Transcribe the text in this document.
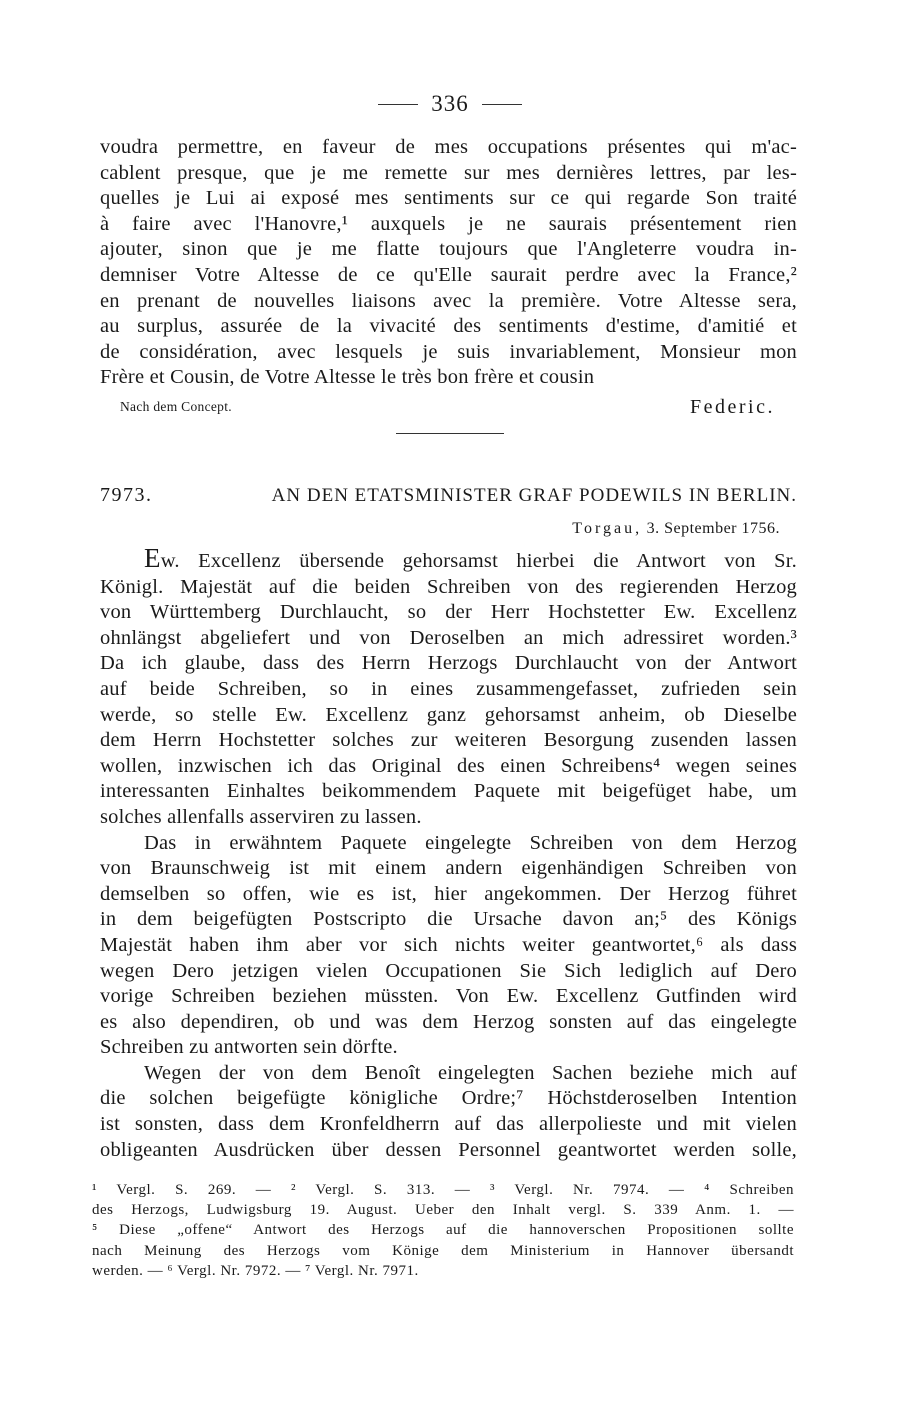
336
voudra permettre, en faveur de mes occupations présentes qui m'ac-
cablent presque, que je me remette sur mes dernières lettres, par les-
quelles je Lui ai exposé mes sentiments sur ce qui regarde Son traité
à faire avec l'Hanovre,¹ auxquels je ne saurais présentement rien
ajouter, sinon que je me flatte toujours que l'Angleterre voudra in-
demniser Votre Altesse de ce qu'Elle saurait perdre avec la France,²
en prenant de nouvelles liaisons avec la première. Votre Altesse sera,
au surplus, assurée de la vivacité des sentiments d'estime, d'amitié et
de considération, avec lesquels je suis invariablement, Monsieur mon
Frère et Cousin, de Votre Altesse le très bon frère et cousin
Nach dem Concept.	Federic.
7973.	AN DEN ETATSMINISTER GRAF PODEWILS IN BERLIN.
Torgau, 3. September 1756.
Ew. Excellenz übersende gehorsamst hierbei die Antwort von Sr.
Königl. Majestät auf die beiden Schreiben von des regierenden Herzog
von Württemberg Durchlaucht, so der Herr Hochstetter Ew. Excellenz
ohnlängst abgeliefert und von Deroselben an mich adressiret worden.³
Da ich glaube, dass des Herrn Herzogs Durchlaucht von der Antwort
auf beide Schreiben, so in eines zusammengefasset, zufrieden sein
werde, so stelle Ew. Excellenz ganz gehorsamst anheim, ob Dieselbe
dem Herrn Hochstetter solches zur weiteren Besorgung zusenden lassen
wollen, inzwischen ich das Original des einen Schreibens⁴ wegen seines
interessanten Einhaltes beikommendem Paquete mit beigefüget habe, um
solches allenfalls asserviren zu lassen.
Das in erwähntem Paquete eingelegte Schreiben von dem Herzog
von Braunschweig ist mit einem andern eigenhändigen Schreiben von
demselben so offen, wie es ist, hier angekommen. Der Herzog führet
in dem beigefügten Postscripto die Ursache davon an;⁵ des Königs
Majestät haben ihm aber vor sich nichts weiter geantwortet,⁶ als dass
wegen Dero jetzigen vielen Occupationen Sie Sich lediglich auf Dero
vorige Schreiben beziehen müssten. Von Ew. Excellenz Gutfinden wird
es also dependiren, ob und was dem Herzog sonsten auf das eingelegte
Schreiben zu antworten sein dörfte.
Wegen der von dem Benoît eingelegten Sachen beziehe mich auf
die solchen beigefügte königliche Ordre;⁷ Höchstderoselben Intention
ist sonsten, dass dem Kronfeldherrn auf das allerpolieste und mit vielen
obligeanten Ausdrücken über dessen Personnel geantwortet werden solle,
¹ Vergl. S. 269. — ² Vergl. S. 313. — ³ Vergl. Nr. 7974. — ⁴ Schreiben
des Herzogs, Ludwigsburg 19. August. Ueber den Inhalt vergl. S. 339 Anm. 1. —
⁵ Diese „offene“ Antwort des Herzogs auf die hannoverschen Propositionen sollte
nach Meinung des Herzogs vom Könige dem Ministerium in Hannover übersandt
werden. — ⁶ Vergl. Nr. 7972. — ⁷ Vergl. Nr. 7971.
